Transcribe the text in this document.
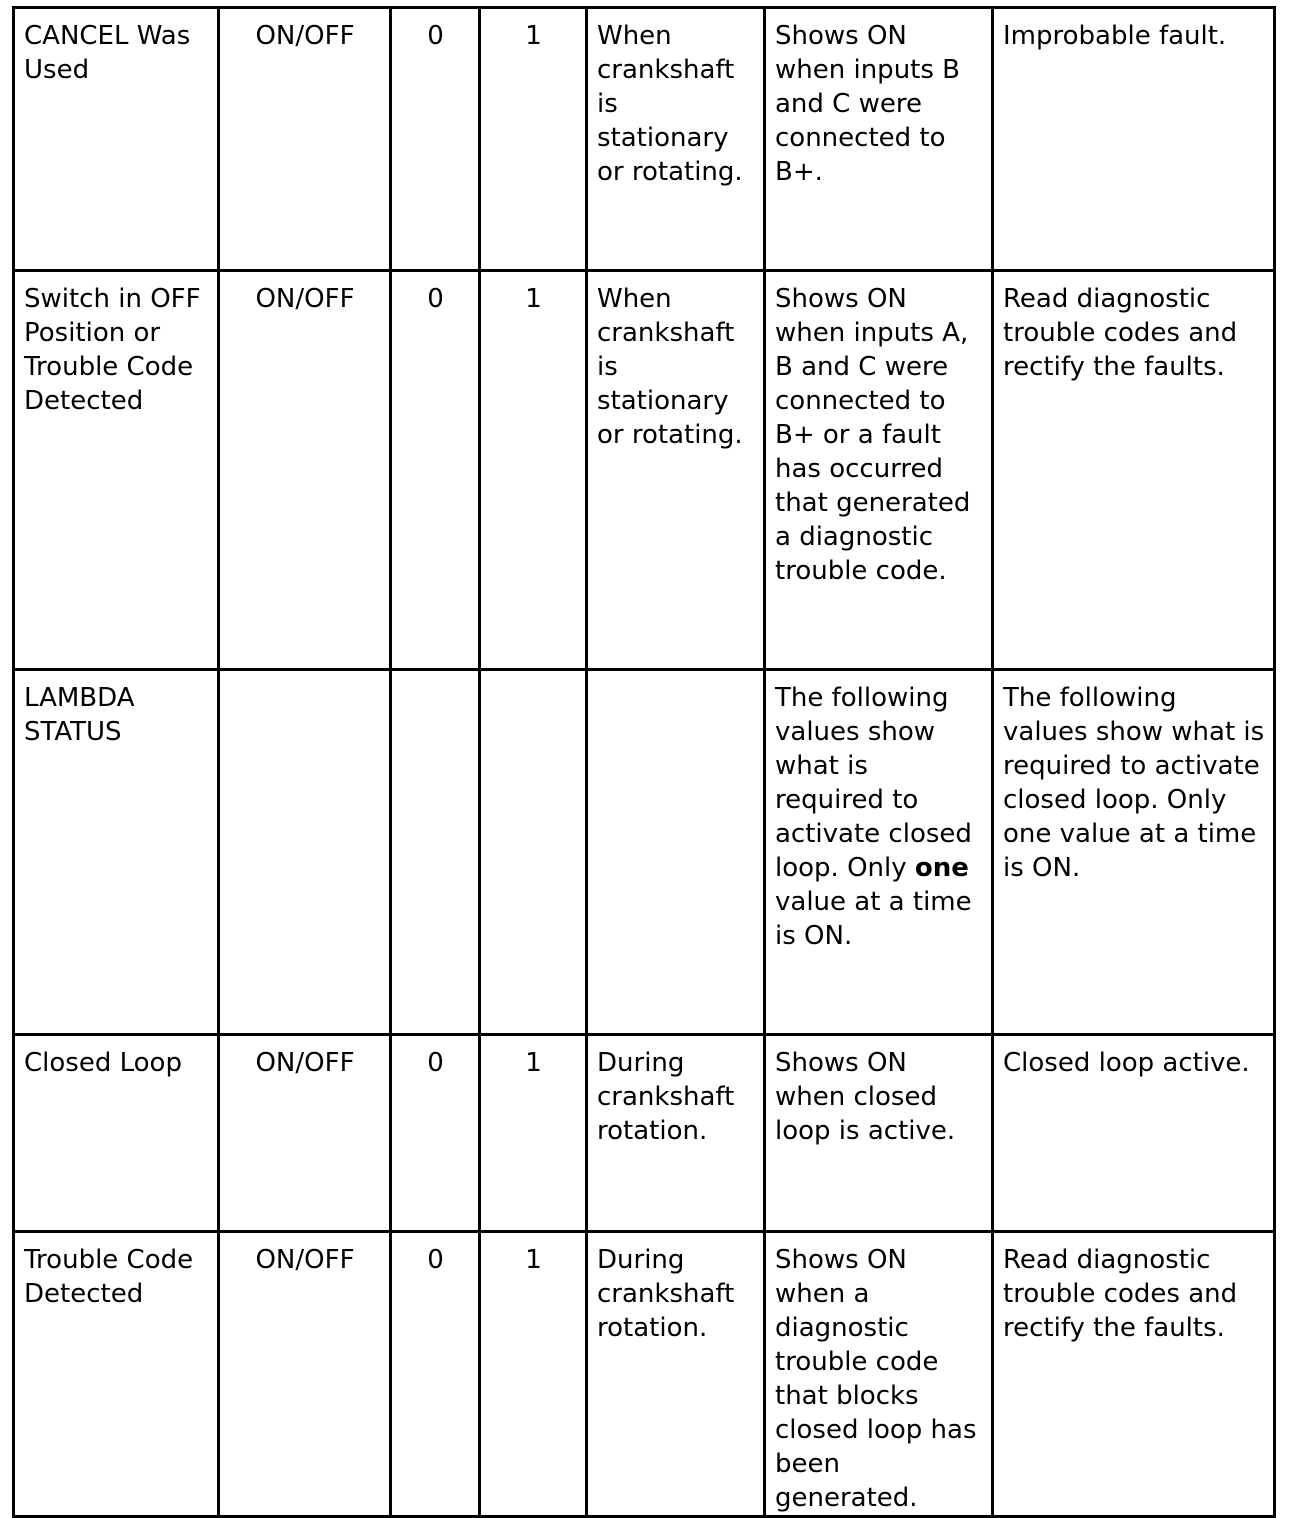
CANCEL Was Used	ON/OFF	0	1	When crankshaft is stationary or rotating.	Shows ON when inputs B and C were connected to B+.	Improbable fault.
Switch in OFF Position or Trouble Code Detected	ON/OFF	0	1	When crankshaft is stationary or rotating.	Shows ON when inputs A, B and C were connected to B+ or a fault has occurred that generated a diagnostic trouble code.	Read diagnostic trouble codes and rectify the faults.
LAMBDA STATUS					The following values show what is required to activate closed loop. Only one value at a time is ON.	The following values show what is required to activate closed loop. Only one value at a time is ON.
Closed Loop	ON/OFF	0	1	During crankshaft rotation.	Shows ON when closed loop is active.	Closed loop active.
Trouble Code Detected	ON/OFF	0	1	During crankshaft rotation.	Shows ON when a diagnostic trouble code that blocks closed loop has been generated.	Read diagnostic trouble codes and rectify the faults.
